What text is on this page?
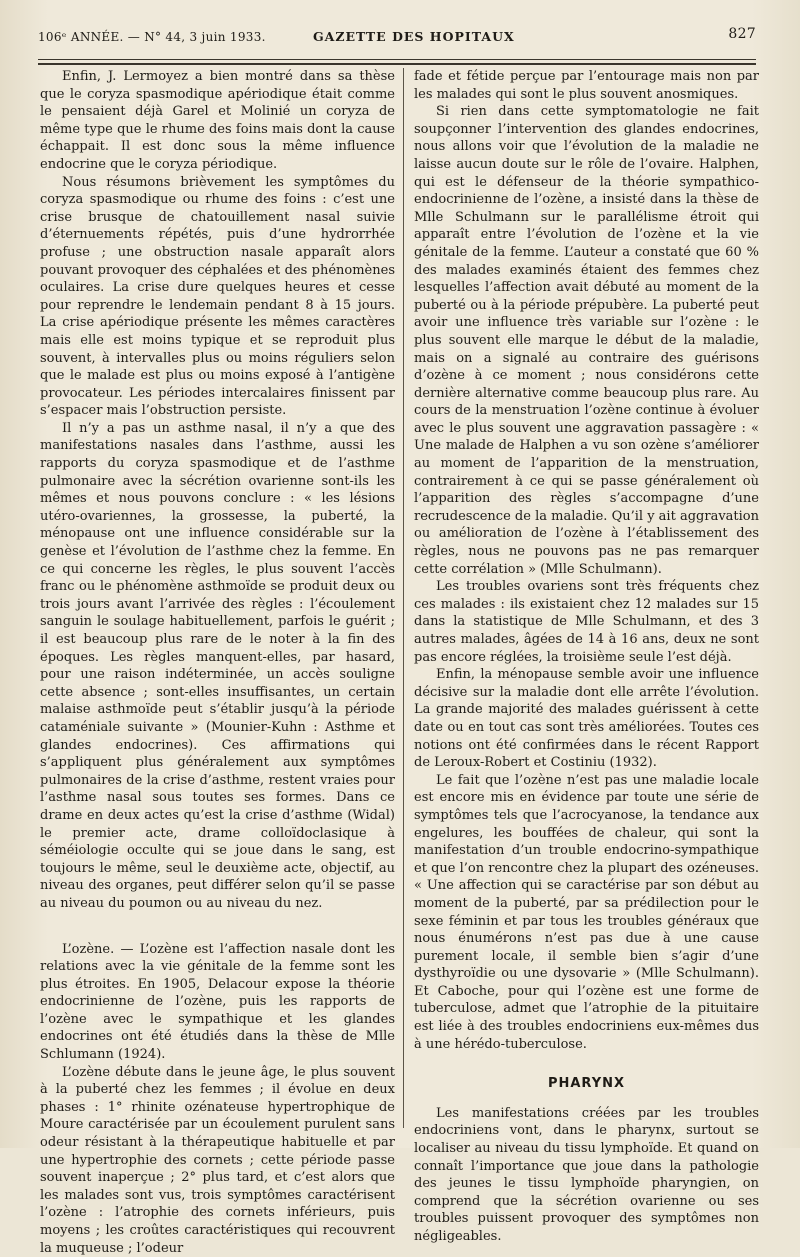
106ᵉ ANNÉE. — N° 44, 3 juin 1933.	GAZETTE DES HOPITAUX	827

Enfin, J. Lermoyez a bien montré dans sa thèse que le coryza spasmodique apériodique était comme le pensaient déjà Garel et Molinié un coryza de même type que le rhume des foins mais dont la cause échappait. Il est donc sous la même influence endocrine que le coryza périodique.

Nous résumons brièvement les symptômes du coryza spasmodique ou rhume des foins : c’est une crise brusque de chatouillement nasal suivie d’éternuements répétés, puis d’une hydrorrhée profuse ; une obstruction nasale apparaît alors pouvant provoquer des céphalées et des phénomènes oculaires. La crise dure quelques heures et cesse pour reprendre le lendemain pendant 8 à 15 jours. La crise apériodique présente les mêmes caractères mais elle est moins typique et se reproduit plus souvent, à intervalles plus ou moins réguliers selon que le malade est plus ou moins exposé à l’antigène provocateur. Les périodes intercalaires finissent par s’espacer mais l’obstruction persiste.

Il n’y a pas un asthme nasal, il n’y a que des manifestations nasales dans l’asthme, aussi les rapports du coryza spasmodique et de l’asthme pulmonaire avec la sécrétion ovarienne sont-ils les mêmes et nous pouvons conclure : « les lésions utéro-ovariennes, la grossesse, la puberté, la ménopause ont une influence considérable sur la genèse et l’évolution de l’asthme chez la femme. En ce qui concerne les règles, le plus souvent l’accès franc ou le phénomène asthmoïde se produit deux ou trois jours avant l’arrivée des règles : l’écoulement sanguin le soulage habituellement, parfois le guérit ; il est beaucoup plus rare de le noter à la fin des époques. Les règles manquent-elles, par hasard, pour une raison indéterminée, un accès souligne cette absence ; sont-elles insuffisantes, un certain malaise asthmoïde peut s’établir jusqu’à la période cataméniale suivante » (Mounier-Kuhn : Asthme et glandes endocrines). Ces affirmations qui s’appliquent plus généralement aux symptômes pulmonaires de la crise d’asthme, restent vraies pour l’asthme nasal sous toutes ses formes. Dans ce drame en deux actes qu’est la crise d’asthme (Widal) le premier acte, drame colloïdoclasique à séméiologie occulte qui se joue dans le sang, est toujours le même, seul le deuxième acte, objectif, au niveau des organes, peut différer selon qu’il se passe au niveau du poumon ou au niveau du nez.

L’ozène. — L’ozène est l’affection nasale dont les relations avec la vie génitale de la femme sont les plus étroites. En 1905, Delacour expose la théorie endocrinienne de l’ozène, puis les rapports de l’ozène avec le sympathique et les glandes endocrines ont été étudiés dans la thèse de Mlle Schlumann (1924).

L’ozène débute dans le jeune âge, le plus souvent à la puberté chez les femmes ; il évolue en deux phases : 1° rhinite ozénateuse hypertrophique de Moure caractérisée par un écoulement purulent sans odeur résistant à la thérapeutique habituelle et par une hypertrophie des cornets ; cette période passe souvent inaperçue ; 2° plus tard, et c’est alors que les malades sont vus, trois symptômes caractérisent l’ozène : l’atrophie des cornets inférieurs, puis moyens ; les croûtes caractéristiques qui recouvrent la muqueuse ; l’odeur

fade et fétide perçue par l’entourage mais non par les malades qui sont le plus souvent anosmiques.

Si rien dans cette symptomatologie ne fait soupçonner l’intervention des glandes endocrines, nous allons voir que l’évolution de la maladie ne laisse aucun doute sur le rôle de l’ovaire. Halphen, qui est le défenseur de la théorie sympathico-endocrinienne de l’ozène, a insisté dans la thèse de Mlle Schulmann sur le parallélisme étroit qui apparaît entre l’évolution de l’ozène et la vie génitale de la femme. L’auteur a constaté que 60 % des malades examinés étaient des femmes chez lesquelles l’affection avait débuté au moment de la puberté ou à la période prépubère. La puberté peut avoir une influence très variable sur l’ozène : le plus souvent elle marque le début de la maladie, mais on a signalé au contraire des guérisons d’ozène à ce moment ; nous considérons cette dernière alternative comme beaucoup plus rare. Au cours de la menstruation l’ozène continue à évoluer avec le plus souvent une aggravation passagère : « Une malade de Halphen a vu son ozène s’améliorer au moment de l’apparition de la menstruation, contrairement à ce qui se passe généralement où l’apparition des règles s’accompagne d’une recrudescence de la maladie. Qu’il y ait aggravation ou amélioration de l’ozène à l’établissement des règles, nous ne pouvons pas ne pas remarquer cette corrélation » (Mlle Schulmann).

Les troubles ovariens sont très fréquents chez ces malades : ils existaient chez 12 malades sur 15 dans la statistique de Mlle Schulmann, et des 3 autres malades, âgées de 14 à 16 ans, deux ne sont pas encore réglées, la troisième seule l’est déjà.

Enfin, la ménopause semble avoir une influence décisive sur la maladie dont elle arrête l’évolution. La grande majorité des malades guérissent à cette date ou en tout cas sont très améliorées. Toutes ces notions ont été confirmées dans le récent Rapport de Leroux-Robert et Costiniu (1932).

Le fait que l’ozène n’est pas une maladie locale est encore mis en évidence par toute une série de symptômes tels que l’acrocyanose, la tendance aux engelures, les bouffées de chaleur, qui sont la manifestation d’un trouble endocrino-sympathique et que l’on rencontre chez la plupart des ozéneuses. « Une affection qui se caractérise par son début au moment de la puberté, par sa prédilection pour le sexe féminin et par tous les troubles généraux que nous énumérons n’est pas due à une cause purement locale, il semble bien s’agir d’une dysthyroïdie ou une dysovarie » (Mlle Schulmann). Et Caboche, pour qui l’ozène est une forme de tuberculose, admet que l’atrophie de la pituitaire est liée à des troubles endocriniens eux-mêmes dus à une hérédo-tuberculose.

PHARYNX

Les manifestations créées par les troubles endocriniens vont, dans le pharynx, surtout se localiser au niveau du tissu lymphoïde. Et quand on connaît l’importance que joue dans la pathologie des jeunes le tissu lymphoïde pharyngien, on comprend que la sécrétion ovarienne ou ses troubles puissent provoquer des symptômes non négligeables.
